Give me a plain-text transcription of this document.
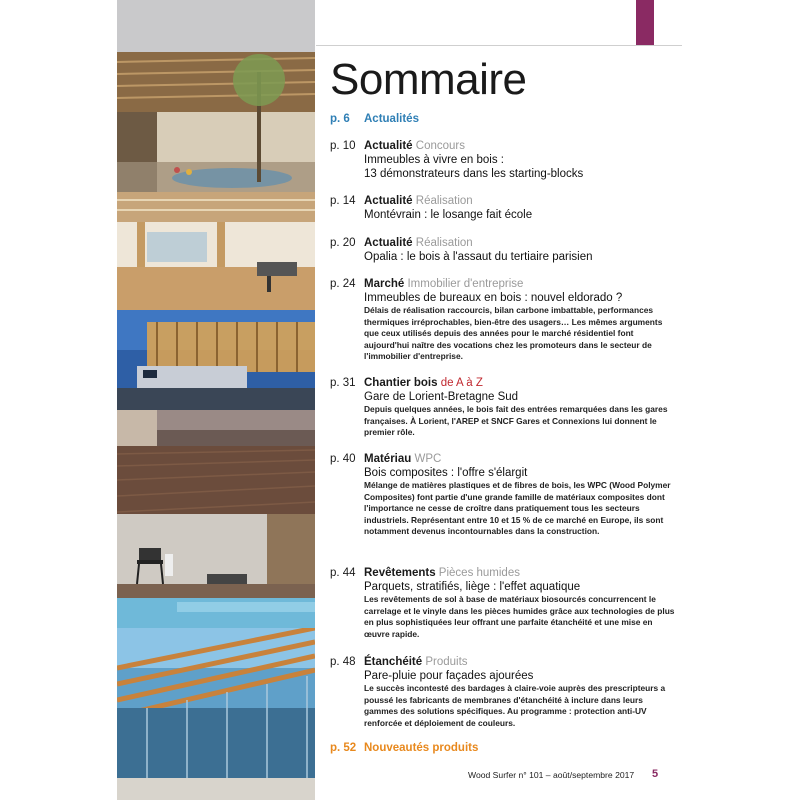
Sommaire
p. 6 Actualités
p. 10 Actualité Concours
Immeubles à vivre en bois :
13 démonstrateurs dans les starting-blocks
p. 14 Actualité Réalisation
Montévrain : le losange fait école
p. 20 Actualité Réalisation
Opalia : le bois à l'assaut du tertiaire parisien
p. 24 Marché Immobilier d'entreprise
Immeubles de bureaux en bois : nouvel eldorado ?
Délais de réalisation raccourcis, bilan carbone imbattable, performances thermiques irréprochables, bien-être des usagers… Les mêmes arguments que ceux utilisés depuis des années pour le marché résidentiel font aujourd'hui naître des vocations chez les promoteurs dans le secteur de l'immobilier d'entreprise.
p. 31 Chantier bois de A à Z
Gare de Lorient-Bretagne Sud
Depuis quelques années, le bois fait des entrées remarquées dans les gares françaises. À Lorient, l'AREP et SNCF Gares et Connexions lui donnent le premier rôle.
p. 40 Matériau WPC
Bois composites : l'offre s'élargit
Mélange de matières plastiques et de fibres de bois, les WPC (Wood Polymer Composites) font partie d'une grande famille de matériaux composites dont l'importance ne cesse de croître dans pratiquement tous les secteurs industriels. Représentant entre 10 et 15 % de ce marché en Europe, ils sont notamment devenus incontournables dans la construction.
p. 44 Revêtements Pièces humides
Parquets, stratifiés, liège : l'effet aquatique
Les revêtements de sol à base de matériaux biosourcés concurrencent le carrelage et le vinyle dans les pièces humides grâce aux technologies de plus en plus sophistiquées leur offrant une parfaite étanchéité et une mise en œuvre rapide.
p. 48 Étanchéité Produits
Pare-pluie pour façades ajourées
Le succès incontesté des bardages à claire-voie auprès des prescripteurs a poussé les fabricants de membranes d'étanchéité à inclure dans leurs gammes des solutions spécifiques. Au programme : protection anti-UV renforcée et déploiement de couleurs.
p. 52 Nouveautés produits
Wood Surfer n° 101 – août/septembre 2017 5
